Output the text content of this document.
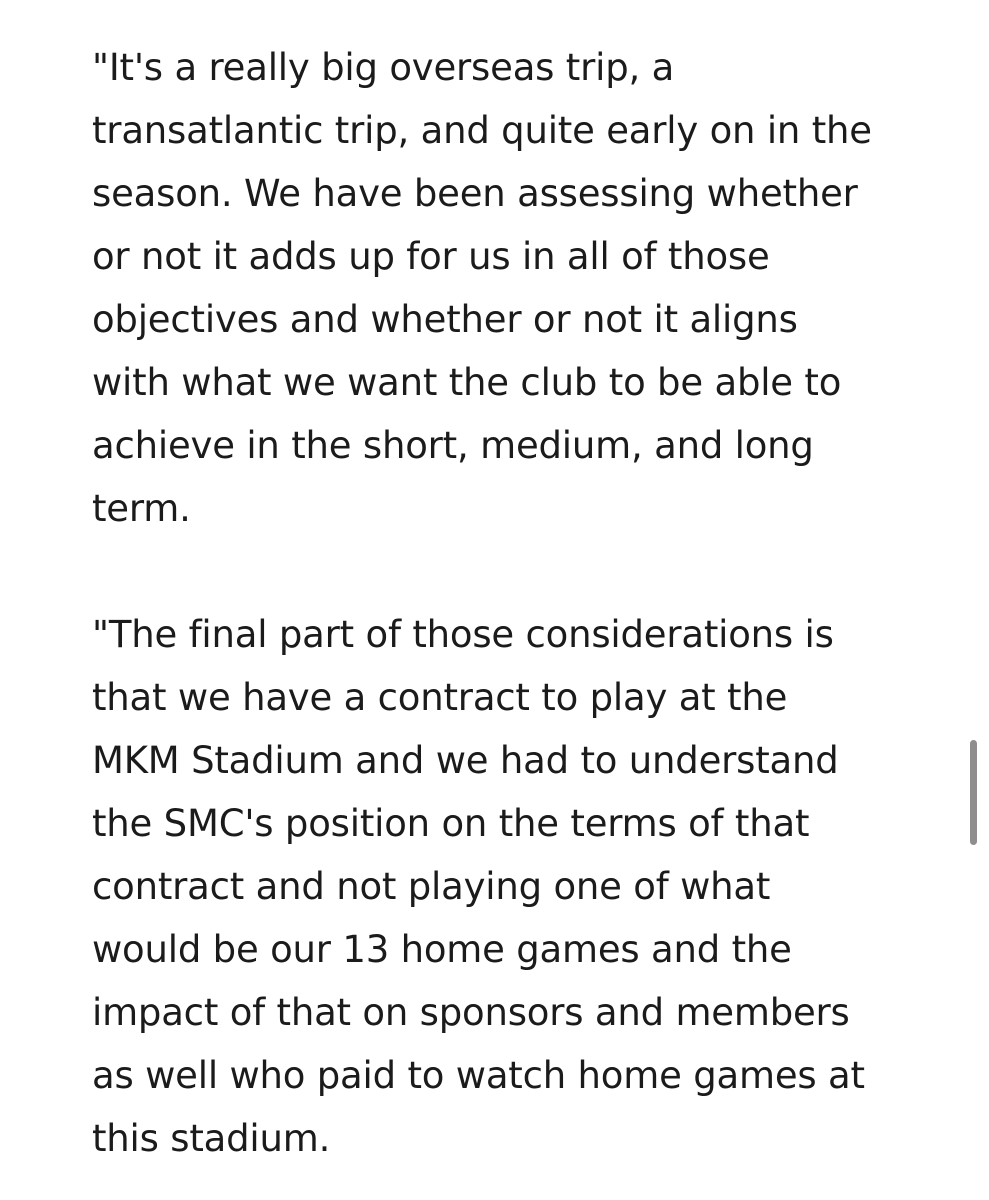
"It's a really big overseas trip, a
transatlantic trip, and quite early on in the
season. We have been assessing whether
or not it adds up for us in all of those
objectives and whether or not it aligns
with what we want the club to be able to
achieve in the short, medium, and long
term.

"The final part of those considerations is
that we have a contract to play at the
MKM Stadium and we had to understand
the SMC's position on the terms of that
contract and not playing one of what
would be our 13 home games and the
impact of that on sponsors and members
as well who paid to watch home games at
this stadium.
